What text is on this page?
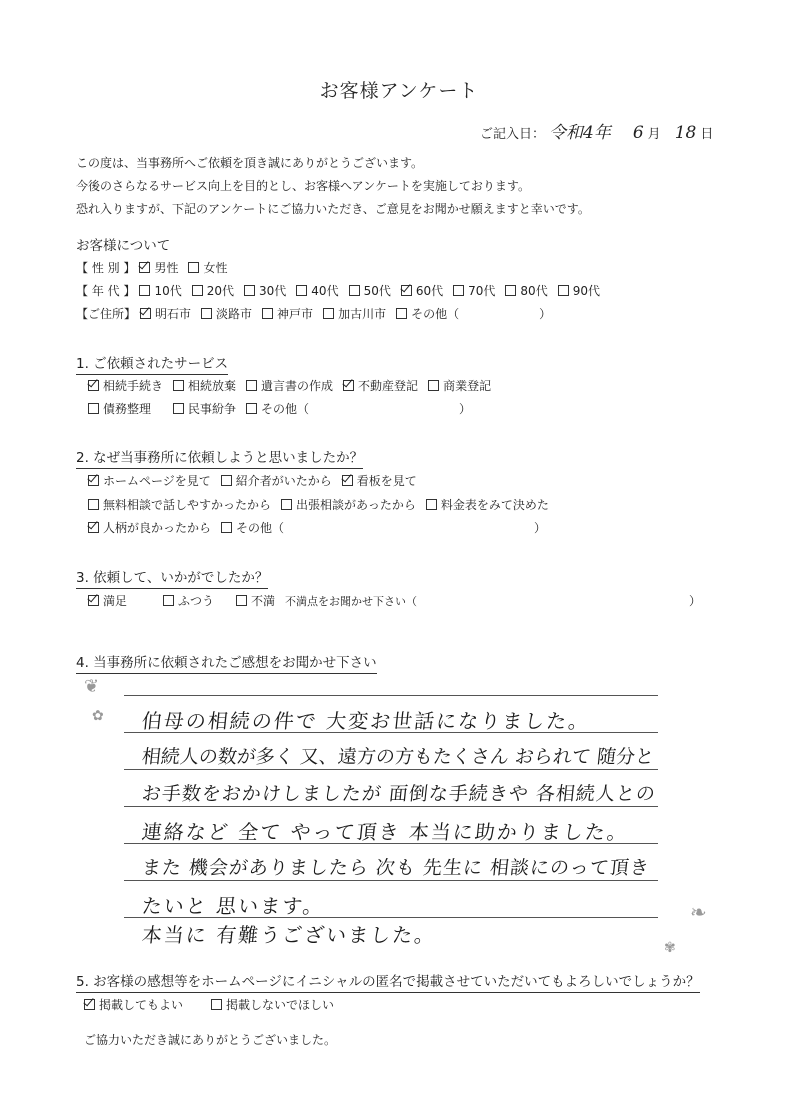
お客様アンケート
ご記入日： 令和4年 6 月 18 日
この度は、当事務所へご依頼を頂き誠にありがとうございます。
今後のさらなるサービス向上を目的とし、お客様へアンケートを実施しております。
恐れ入りますが、下記のアンケートにご協力いただき、ご意見をお聞かせ願えますと幸いです。
お客様について
【 性 別 】 男性 女性
【 年 代 】 10代 20代 30代 40代 50代 60代 70代 80代 90代
【ご住所】 明石市 淡路市 神戸市 加古川市 その他（	）
1. ご依頼されたサービス
相続手続き 相続放棄 遺言書の作成 不動産登記 商業登記
債務整理	民事紛争 その他（	）
2. なぜ当事務所に依頼しようと思いましたか？
ホームページを見て 紹介者がいたから 看板を見て
無料相談で話しやすかったから 出張相談があったから 料金表をみて決めた
人柄が良かったから その他（	）
3. 依頼して、いかがでしたか？
満足	ふつう	不満 不満点をお聞かせ下さい（	）
4. 当事務所に依頼されたご感想をお聞かせ下さい
❦
✿ 伯母の相続の件で 大変お世話になりました。
相続人の数が多く 又、遠方の方もたくさん おられて 随分と
お手数をおかけしましたが 面倒な手続きや 各相続人との
連絡など 全て やって頂き 本当に助かりました。
また 機会がありましたら 次も 先生に 相談にのって頂き
たいと 思います。
本当に 有難うございました。
❧
✾
5. お客様の感想等をホームページにイニシャルの匿名で掲載させていただいてもよろしいでしょうか？
掲載してもよい	掲載しないでほしい
ご協力いただき誠にありがとうございました。
